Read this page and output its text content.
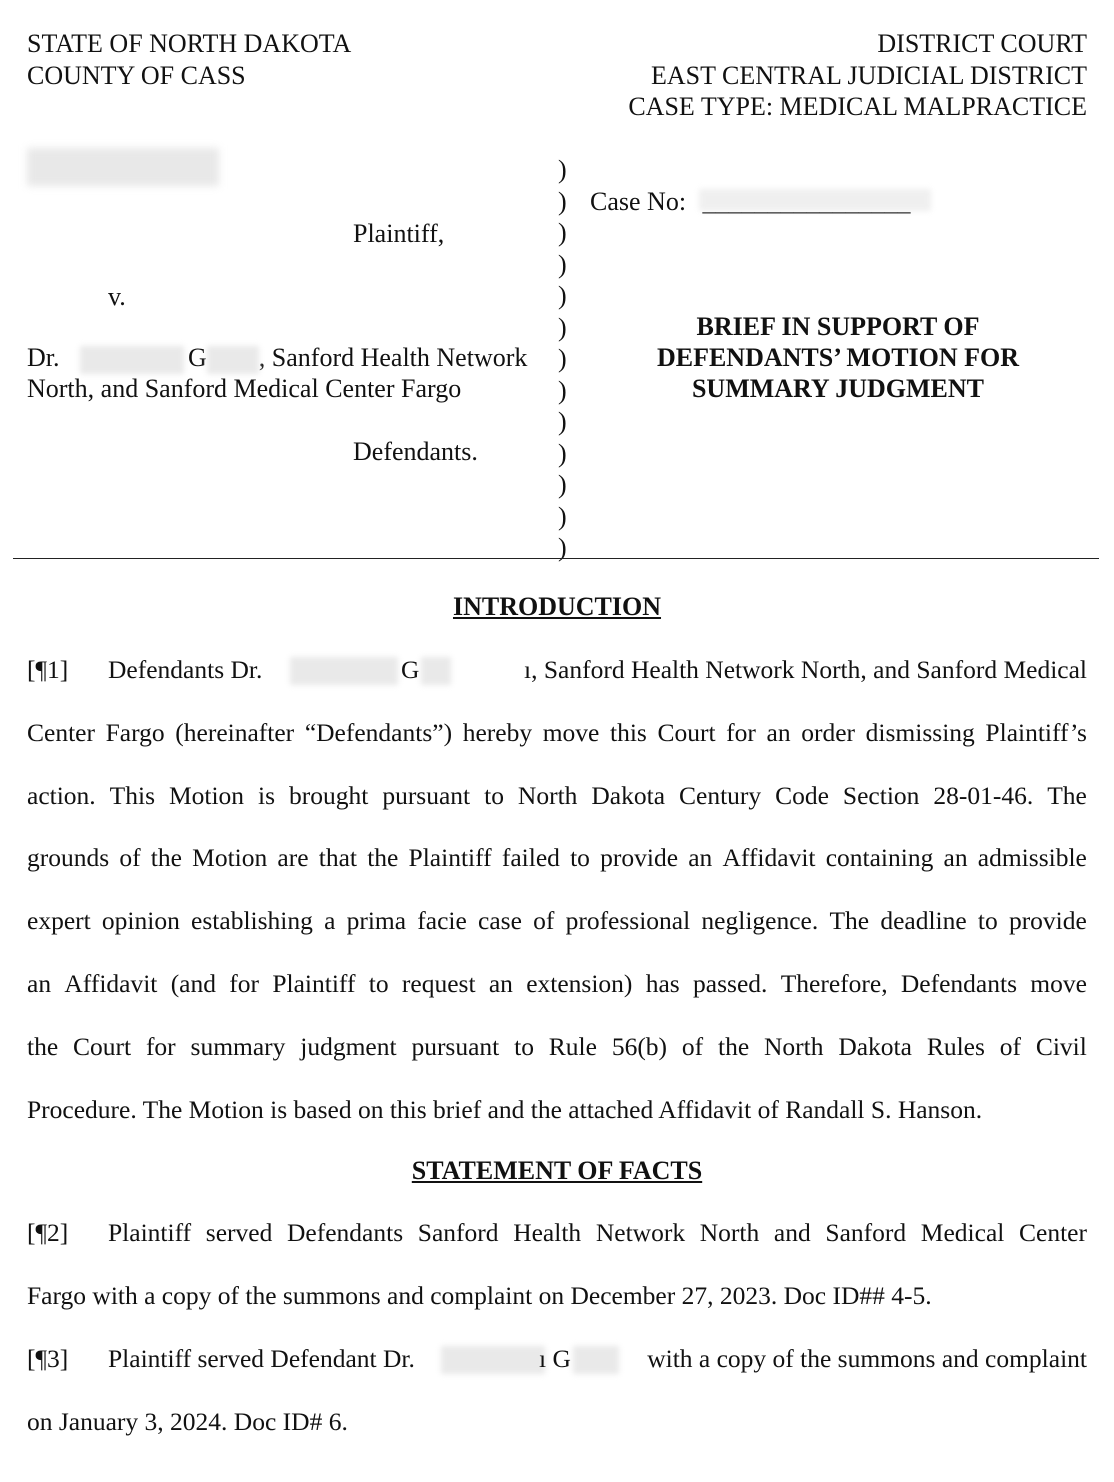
STATE OF NORTH DAKOTA
COUNTY OF CASS
DISTRICT COURT
EAST CENTRAL JUDICIAL DISTRICT
CASE TYPE: MEDICAL MALPRACTICE
Plaintiff,
v.
Dr.	G , Sanford Health Network
North, and Sanford Medical Center Fargo
Defendants.
)
)
)
)
)
)
)
)
)
)
)
)
)
Case No:
BRIEF IN SUPPORT OF
DEFENDANTS’ MOTION FOR
SUMMARY JUDGMENT
INTRODUCTION
[¶1] Defendants Dr.	G	ı, Sanford Health Network North, and Sanford Medical
Center Fargo (hereinafter “Defendants”) hereby move this Court for an order dismissing Plaintiff’s
action. This Motion is brought pursuant to North Dakota Century Code Section 28-01-46. The
grounds of the Motion are that the Plaintiff failed to provide an Affidavit containing an admissible
expert opinion establishing a prima facie case of professional negligence. The deadline to provide
an Affidavit (and for Plaintiff to request an extension) has passed. Therefore, Defendants move
the Court for summary judgment pursuant to Rule 56(b) of the North Dakota Rules of Civil
Procedure. The Motion is based on this brief and the attached Affidavit of Randall S. Hanson.
STATEMENT OF FACTS
[¶2] Plaintiff served Defendants Sanford Health Network North and Sanford Medical Center
Fargo with a copy of the summons and complaint on December 27, 2023. Doc ID## 4-5.
[¶3] Plaintiff served Defendant Dr.	ı G	with a copy of the summons and complaint
on January 3, 2024. Doc ID# 6.
